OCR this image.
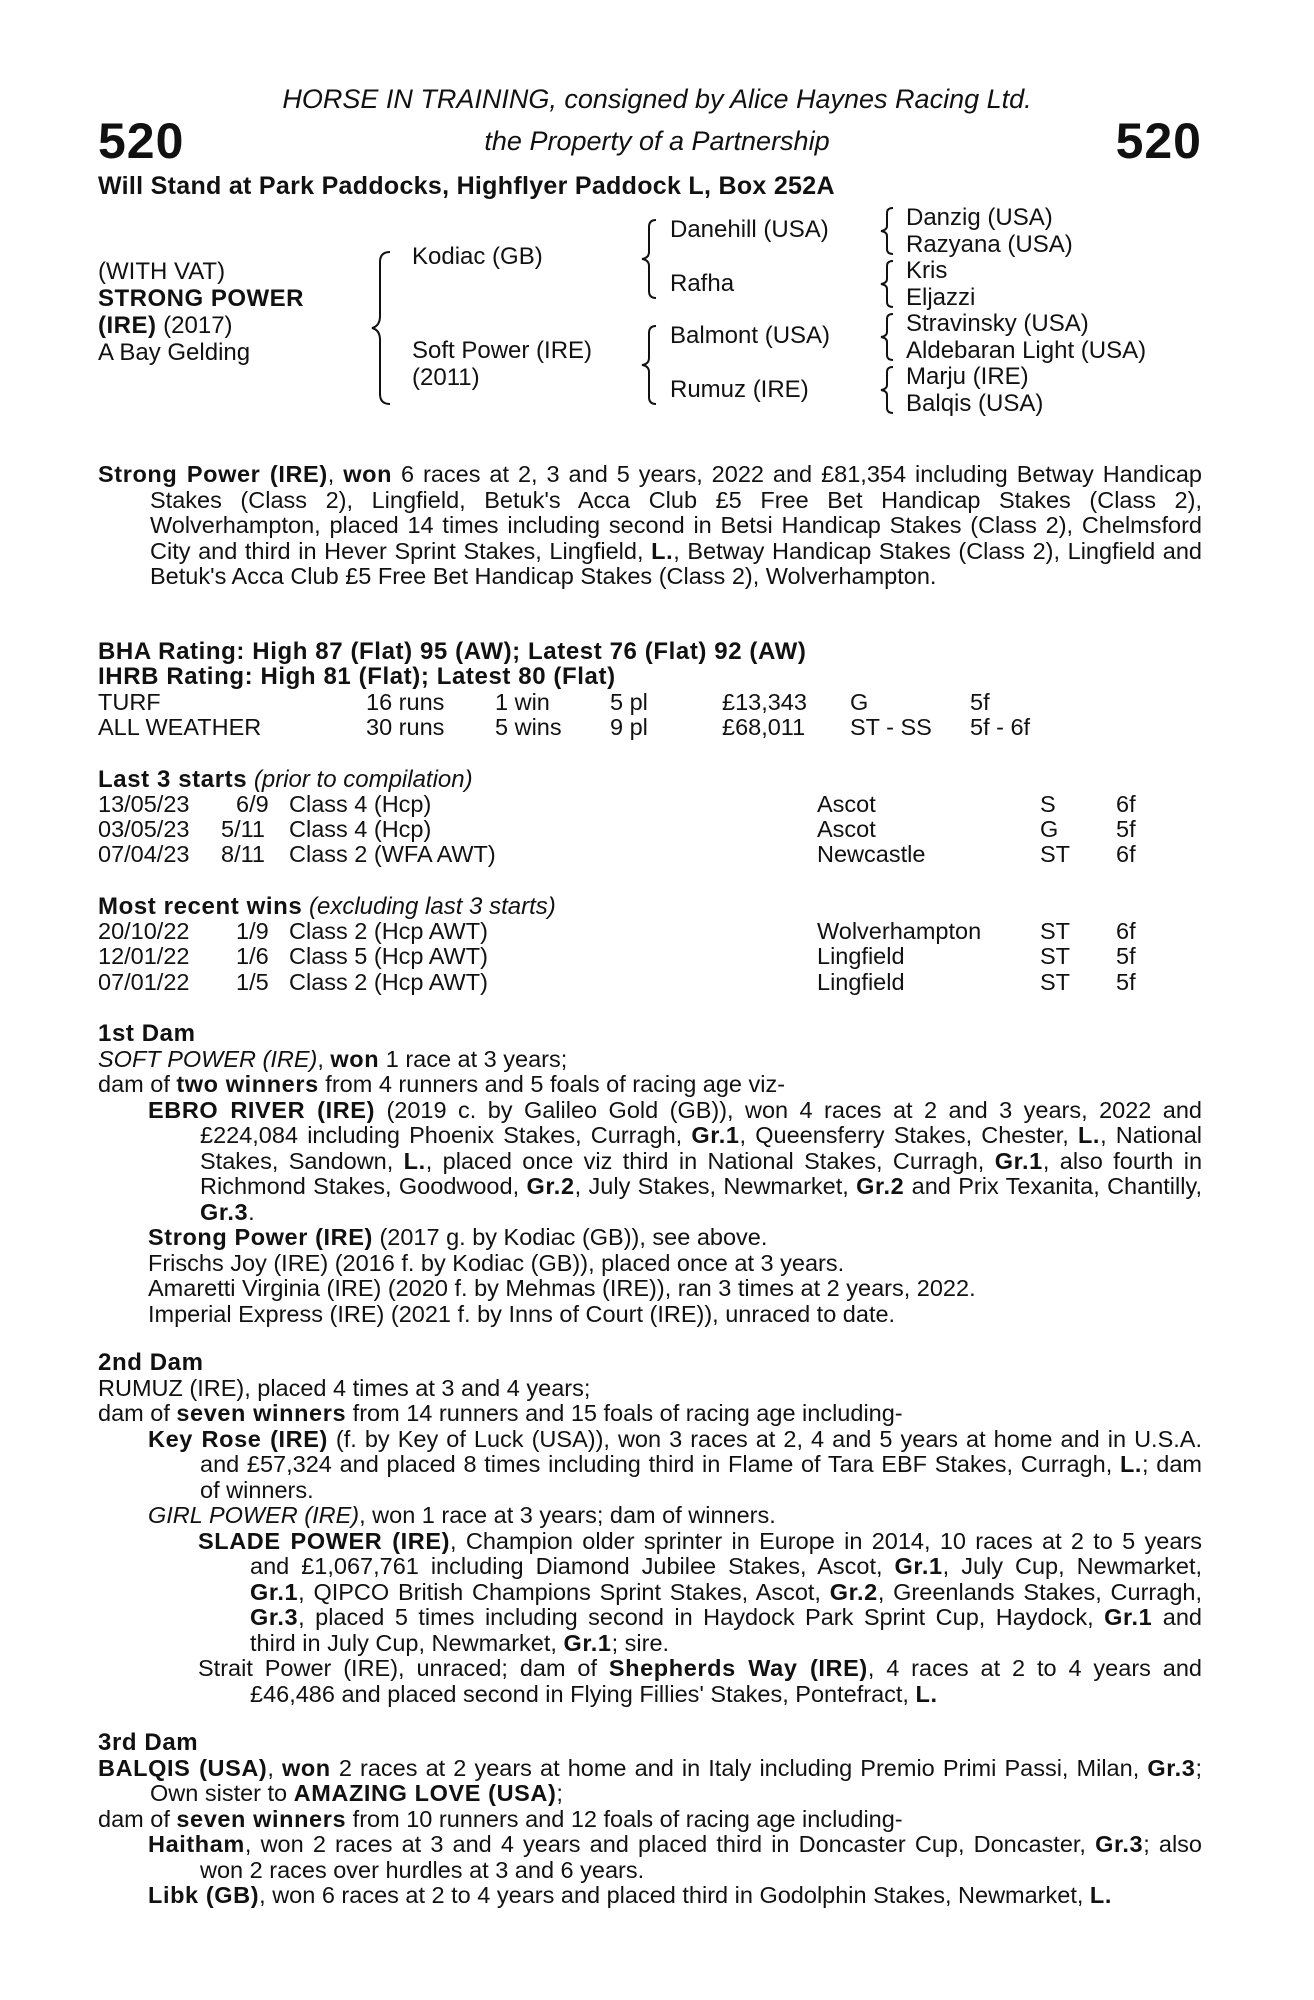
520	520
HORSE IN TRAINING, consigned by Alice Haynes Racing Ltd.
the Property of a Partnership
Will Stand at Park Paddocks, Highflyer Paddock L, Box 252A
(WITH VAT)
STRONG POWER
(IRE) (2017)
A Bay Gelding
Kodiac (GB)
Soft Power (IRE)
(2011)
Danehill (USA)
Rafha
Balmont (USA)
Rumuz (IRE)
Danzig (USA)
Razyana (USA)
Kris
Eljazzi
Stravinsky (USA)
Aldebaran Light (USA)
Marju (IRE)
Balqis (USA)

Strong Power (IRE), won 6 races at 2, 3 and 5 years, 2022 and £81,354 including Betway Handicap Stakes (Class 2), Lingfield, Betuk's Acca Club £5 Free Bet Handicap Stakes (Class 2), Wolverhampton, placed 14 times including second in Betsi Handicap Stakes (Class 2), Chelmsford City and third in Hever Sprint Stakes, Lingfield, L., Betway Handicap Stakes (Class 2), Lingfield and Betuk's Acca Club £5 Free Bet Handicap Stakes (Class 2), Wolverhampton.

BHA Rating: High 87 (Flat) 95 (AW); Latest 76 (Flat) 92 (AW)
IHRB Rating: High 81 (Flat); Latest 80 (Flat)
TURF	16 runs 1 win	5 pl	£13,343 G	5f
ALL WEATHER	30 runs 5 wins 9 pl	£68,011 ST - SS 5f - 6f
Last 3 starts (prior to compilation)
13/05/23 6/9 Class 4 (Hcp)	Ascot	S	6f
03/05/23 5/11 Class 4 (Hcp)	Ascot	G 5f
07/04/23 8/11 Class 2 (WFA AWT)	Newcastle	ST 6f
Most recent wins (excluding last 3 starts)
20/10/22 1/9 Class 2 (Hcp AWT)	Wolverhampton	ST 6f
12/01/22 1/6 Class 5 (Hcp AWT)	Lingfield	ST 5f
07/01/22 1/5 Class 2 (Hcp AWT)	Lingfield	ST 5f

1st Dam

SOFT POWER (IRE), won 1 race at 3 years;

dam of two winners from 4 runners and 5 foals of racing age viz-

EBRO RIVER (IRE) (2019 c. by Galileo Gold (GB)), won 4 races at 2 and 3 years, 2022 and £224,084 including Phoenix Stakes, Curragh, Gr.1, Queensferry Stakes, Chester, L., National Stakes, Sandown, L., placed once viz third in National Stakes, Curragh, Gr.1, also fourth in Richmond Stakes, Goodwood, Gr.2, July Stakes, Newmarket, Gr.2 and Prix Texanita, Chantilly, Gr.3.

Strong Power (IRE) (2017 g. by Kodiac (GB)), see above.

Frischs Joy (IRE) (2016 f. by Kodiac (GB)), placed once at 3 years.

Amaretti Virginia (IRE) (2020 f. by Mehmas (IRE)), ran 3 times at 2 years, 2022.

Imperial Express (IRE) (2021 f. by Inns of Court (IRE)), unraced to date.

2nd Dam

RUMUZ (IRE), placed 4 times at 3 and 4 years;

dam of seven winners from 14 runners and 15 foals of racing age including-

Key Rose (IRE) (f. by Key of Luck (USA)), won 3 races at 2, 4 and 5 years at home and in U.S.A. and £57,324 and placed 8 times including third in Flame of Tara EBF Stakes, Curragh, L.; dam of winners.

GIRL POWER (IRE), won 1 race at 3 years; dam of winners.

SLADE POWER (IRE), Champion older sprinter in Europe in 2014, 10 races at 2 to 5 years and £1,067,761 including Diamond Jubilee Stakes, Ascot, Gr.1, July Cup, Newmarket, Gr.1, QIPCO British Champions Sprint Stakes, Ascot, Gr.2, Greenlands Stakes, Curragh, Gr.3, placed 5 times including second in Haydock Park Sprint Cup, Haydock, Gr.1 and third in July Cup, Newmarket, Gr.1; sire.

Strait Power (IRE), unraced; dam of Shepherds Way (IRE), 4 races at 2 to 4 years and £46,486 and placed second in Flying Fillies' Stakes, Pontefract, L.

3rd Dam

BALQIS (USA), won 2 races at 2 years at home and in Italy including Premio Primi Passi, Milan, Gr.3; Own sister to AMAZING LOVE (USA);

dam of seven winners from 10 runners and 12 foals of racing age including-

Haitham, won 2 races at 3 and 4 years and placed third in Doncaster Cup, Doncaster, Gr.3; also won 2 races over hurdles at 3 and 6 years.

Libk (GB), won 6 races at 2 to 4 years and placed third in Godolphin Stakes, Newmarket, L.
